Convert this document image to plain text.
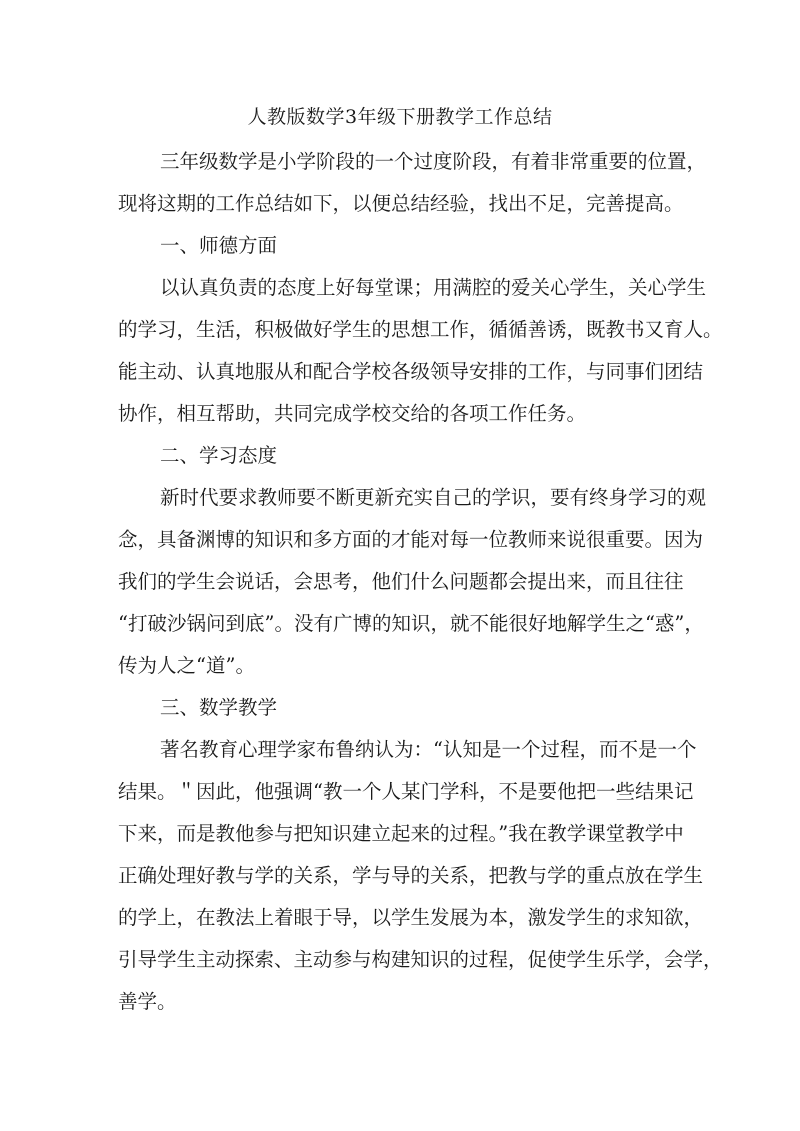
人教版数学3年级下册教学工作总结
三年级数学是小学阶段的一个过度阶段，有着非常重要的位置，
现将这期的工作总结如下，以便总结经验，找出不足，完善提高。
一、师德方面
以认真负责的态度上好每堂课；用满腔的爱关心学生，关心学生
的学习，生活，积极做好学生的思想工作，循循善诱，既教书又育人。
能主动、认真地服从和配合学校各级领导安排的工作，与同事们团结
协作，相互帮助，共同完成学校交给的各项工作任务。
二、学习态度
新时代要求教师要不断更新充实自己的学识，要有终身学习的观
念，具备渊博的知识和多方面的才能对每一位教师来说很重要。因为
我们的学生会说话，会思考，他们什么问题都会提出来，而且往往
“打破沙锅问到底”。没有广博的知识，就不能很好地解学生之“惑”，
传为人之“道”。
三、数学教学
著名教育心理学家布鲁纳认为：“认知是一个过程，而不是一个
结果。＂因此，他强调“教一个人某门学科，不是要他把一些结果记
下来，而是教他参与把知识建立起来的过程。”我在教学课堂教学中
正确处理好教与学的关系，学与导的关系，把教与学的重点放在学生
的学上，在教法上着眼于导，以学生发展为本，激发学生的求知欲，
引导学生主动探索、主动参与构建知识的过程，促使学生乐学，会学，
善学。
